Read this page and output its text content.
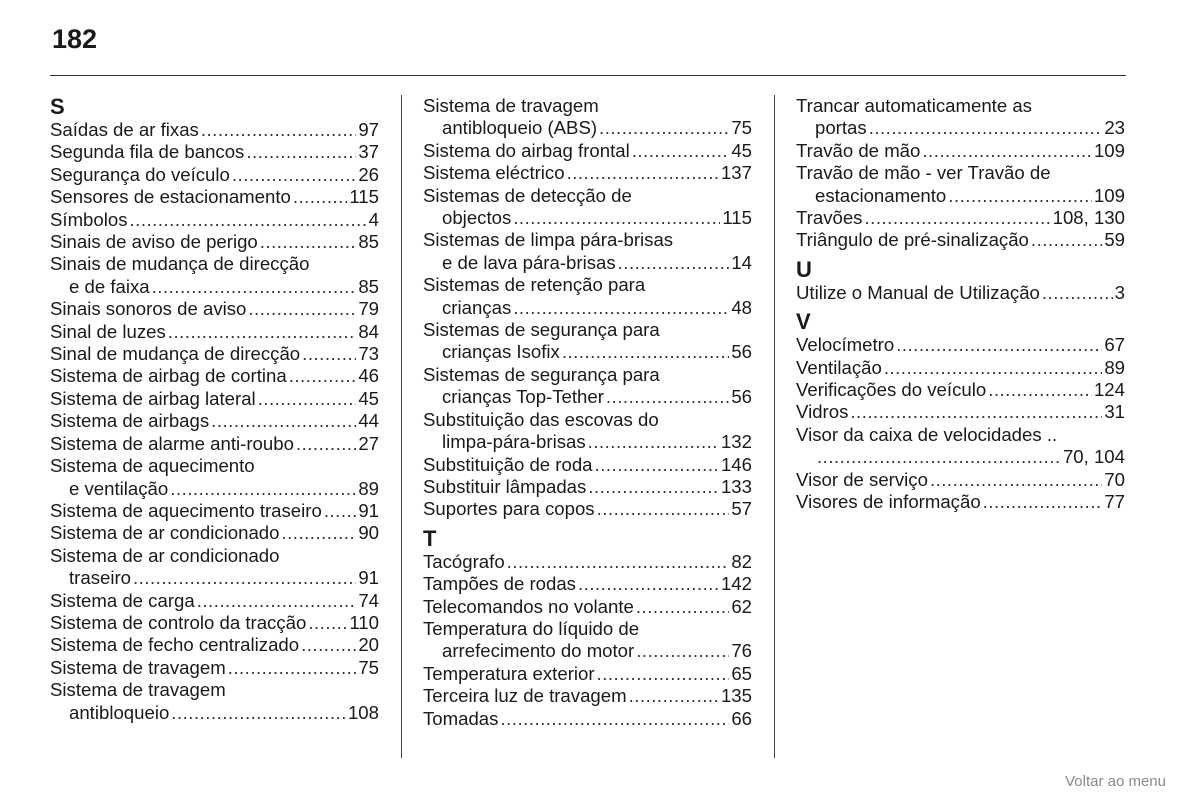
182
S
Saídas de ar fixas .....	97
Segunda fila de bancos .....	37
Segurança do veículo .....	26
Sensores de estacionamento .....	115
Símbolos .....	4
Sinais de aviso de perigo .....	85
Sinais de mudança de direcção
e de faixa .....	85
Sinais sonoros de aviso .....	79
Sinal de luzes .....	84
Sinal de mudança de direcção .....	73
Sistema de airbag de cortina .....	46
Sistema de airbag lateral .....	45
Sistema de airbags .....	44
Sistema de alarme anti-roubo .....	27
Sistema de aquecimento
e ventilação .....	89
Sistema de aquecimento traseiro ..... 91
Sistema de ar condicionado .....	90
Sistema de ar condicionado
traseiro .....	91
Sistema de carga .....	74
Sistema de controlo da tracção ..... 110
Sistema de fecho centralizado .....	20
Sistema de travagem .....	75
Sistema de travagem
antibloqueio .....	108
Sistema de travagem
antibloqueio (ABS) .....	75
Sistema do airbag frontal .....	45
Sistema eléctrico .....	137
Sistemas de detecção de
objectos .....	115
Sistemas de limpa pára-brisas
e de lava pára-brisas .....	14
Sistemas de retenção para
crianças .....	48
Sistemas de segurança para
crianças Isofix .....	56
Sistemas de segurança para
crianças Top-Tether .....	56
Substituição das escovas do
limpa-pára-brisas .....	132
Substituição de roda .....	146
Substituir lâmpadas .....	133
Suportes para copos .....	57
T
Tacógrafo .....	82
Tampões de rodas .....	142
Telecomandos no volante .....	62
Temperatura do líquido de
arrefecimento do motor .....	76
Temperatura exterior .....	65
Terceira luz de travagem .....	135
Tomadas .....	66
Trancar automaticamente as
portas .....	23
Travão de mão .....	109
Travão de mão - ver Travão de
estacionamento .....	109
Travões .....	108, 130
Triângulo de pré-sinalização .....	59
U
Utilize o Manual de Utilização .....	3
V
Velocímetro .....	67
Ventilação .....	89
Verificações do veículo .....	124
Vidros .....	31
Visor da caixa de velocidades ..
.....
70, 104
Visor de serviço .....	70
Visores de informação .....	77
Voltar ao menu
